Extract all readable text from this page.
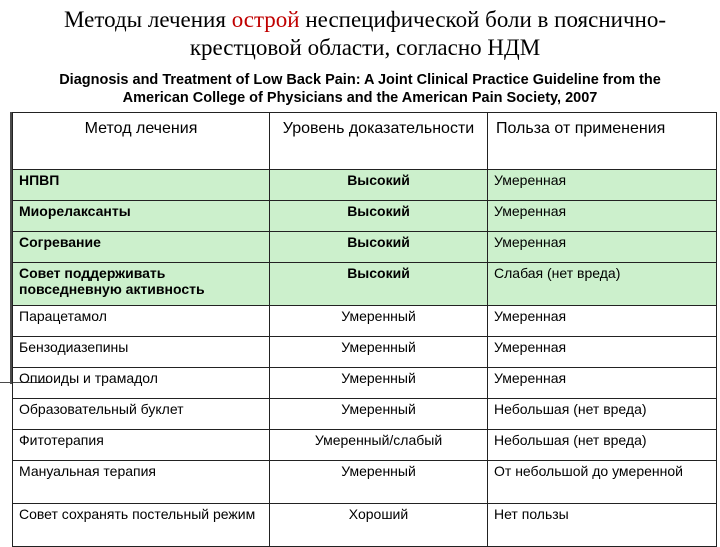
Методы лечения острой неспецифической боли в пояснично-
крестцовой области, согласно НДМ
Diagnosis and Treatment of Low Back Pain: A Joint Clinical Practice Guideline from the
American College of Physicians and the American Pain Society, 2007
Метод лечения	Уровень доказательности	Польза от применения
НПВП	Высокий	Умеренная
Миорелаксанты	Высокий	Умеренная
Согревание	Высокий	Умеренная
Совет поддерживать повседневную активность	Высокий	Слабая (нет вреда)
Парацетамол	Умеренный	Умеренная
Бензодиазепины	Умеренный	Умеренная
Опиоиды и трамадол	Умеренный	Умеренная
Образовательный буклет	Умеренный	Небольшая (нет вреда)
Фитотерапия	Умеренный/слабый	Небольшая (нет вреда)
Мануальная терапия	Умеренный	От небольшой до умеренной
Совет сохранять постельный режим	Хороший	Нет пользы
